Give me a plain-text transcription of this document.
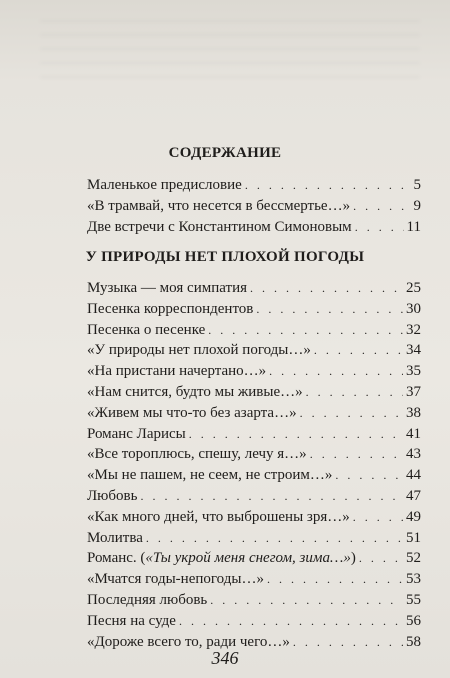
СОДЕРЖАНИЕ
Маленькое предисловие . . .	5
«В трамвай, что несется в бессмертье…» . . .	9
Две встречи с Константином Симоновым . . .	11
У ПРИРОДЫ НЕТ ПЛОХОЙ ПОГОДЫ
Музыка — моя симпатия . . .	25
Песенка корреспондентов . . .	30
Песенка о песенке . . .	32
«У природы нет плохой погоды…» . . .	34
«На пристани начертано…» . . .	35
«Нам снится, будто мы живые…» . . .	37
«Живем мы что-то без азарта…» . . .	38
Романс Ларисы . . .	41
«Все тороплюсь, спешу, лечу я…» . . .	43
«Мы не пашем, не сеем, не строим…» . . .	44
Любовь . . .	47
«Как много дней, что выброшены зря…» . . .	49
Молитва . . .	51
Романс. («Ты укрой меня снегом, зима…») . . .	52
«Мчатся годы-непогоды…» . . .	53
Последняя любовь . . .	55
Песня на суде . . .	56
«Дороже всего то, ради чего…» . . .	58
346
